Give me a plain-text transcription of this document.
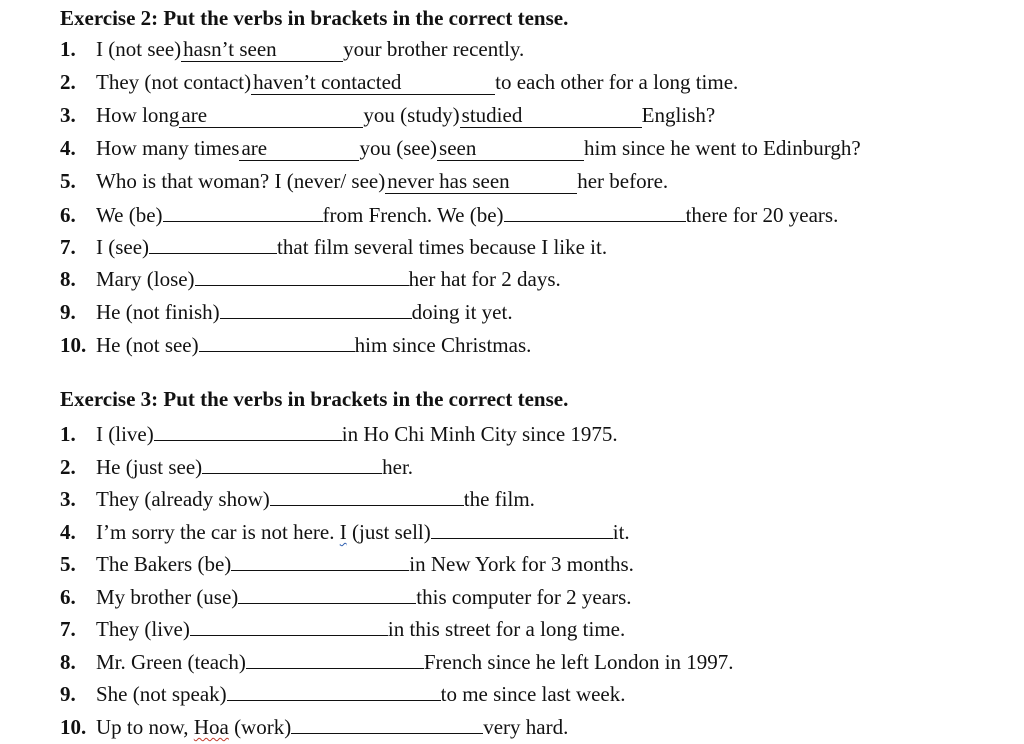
Exercise 2: Put the verbs in brackets in the correct tense.
1. I (not see)hasn’t seen	your brother recently.
2. They (not contact)haven’t contacted	to each other for a long time.
3. How longare	you (study)studied	English?
4. How many timesare	you (see)seen	him since he went to Edinburgh?
5. Who is that woman? I (never/ see)never has seen	her before.
6. We (be)	from French. We (be)	there for 20 years.
7. I (see)	that film several times because I like it.
8. Mary (lose)	her hat for 2 days.
9. He (not finish)	doing it yet.
10. He (not see)	him since Christmas.
Exercise 3: Put the verbs in brackets in the correct tense.
1. I (live)	in Ho Chi Minh City since 1975.
2. He (just see)	her.
3. They (already show)	the film.
4. I’m sorry the car is not here. I (just sell)	it.
5. The Bakers (be)	in New York for 3 months.
6. My brother (use)	this computer for 2 years.
7. They (live)	in this street for a long time.
8. Mr. Green (teach)	French since he left London in 1997.
9. She (not speak)	to me since last week.
10. Up to now, Hoa (work)	very hard.
